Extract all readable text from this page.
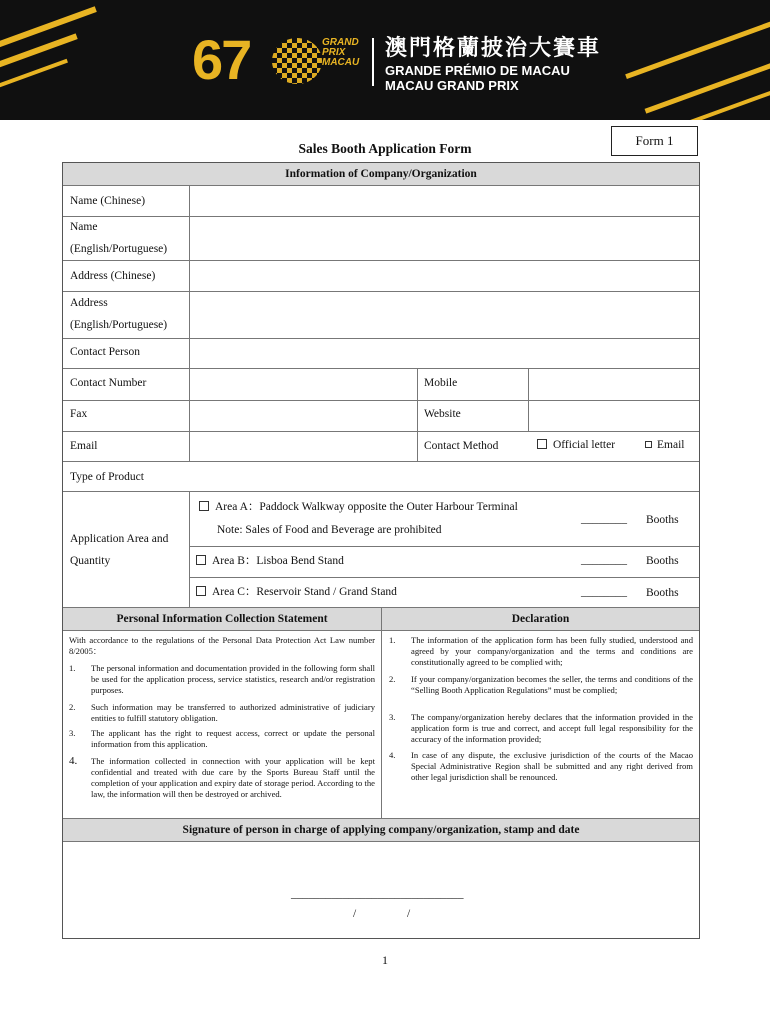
67	GRAND
PRIX
MACAU
澳門格蘭披治大賽車
GRANDE PRÉMIO DE MACAU
MACAU GRAND PRIX
Form 1
Sales Booth Application Form
Information of Company/Organization
Name (Chinese)
Name
(English/Portuguese)
Address (Chinese)
Address
(English/Portuguese)
Contact Person
Contact Number	Mobile
Fax	Website
Email	Contact Method	Official letter	Email
Type of Product
Application Area and
Quantity
Area A：Paddock Walkway opposite the Outer Harbour Terminal
Note: Sales of Food and Beverage are prohibited
________ Booths
Area B：Lisboa Bend Stand	________ Booths
Area C：Reservoir Stand / Grand Stand	________ Booths
Personal Information Collection Statement	Declaration
With accordance to the regulations of the Personal Data Protection Act Law number 8/2005：
1. The personal information and documentation provided in the following form shall be used for the application process, service statistics, research and/or registration purposes.
2. Such information may be transferred to authorized administrative of judiciary entities to fulfill statutory obligation.
3. The applicant has the right to request access, correct or update the personal information from this application.
4. The information collected in connection with your application will be kept confidential and treated with due care by the Sports Bureau Staff until the completion of your application and expiry date of storage period. According to the law, the information will then be destroyed or archived.
1. The information of the application form has been fully studied, understood and agreed by your company/organization and the terms and conditions are constitutionally agreed to be complied with;
2. If your company/organization becomes the seller, the terms and conditions of the “Selling Booth Application Regulations” must be complied;
3. The company/organization hereby declares that the information provided in the application form is true and correct, and accept full legal responsibility for the accuracy of the information provided;
4. In case of any dispute, the exclusive jurisdiction of the courts of the Macao Special Administrative Region shall be submitted and any right derived from other legal jurisdiction shall be renounced.
Signature of person in charge of applying company/organization, stamp and date
______________________________
/	/
1
